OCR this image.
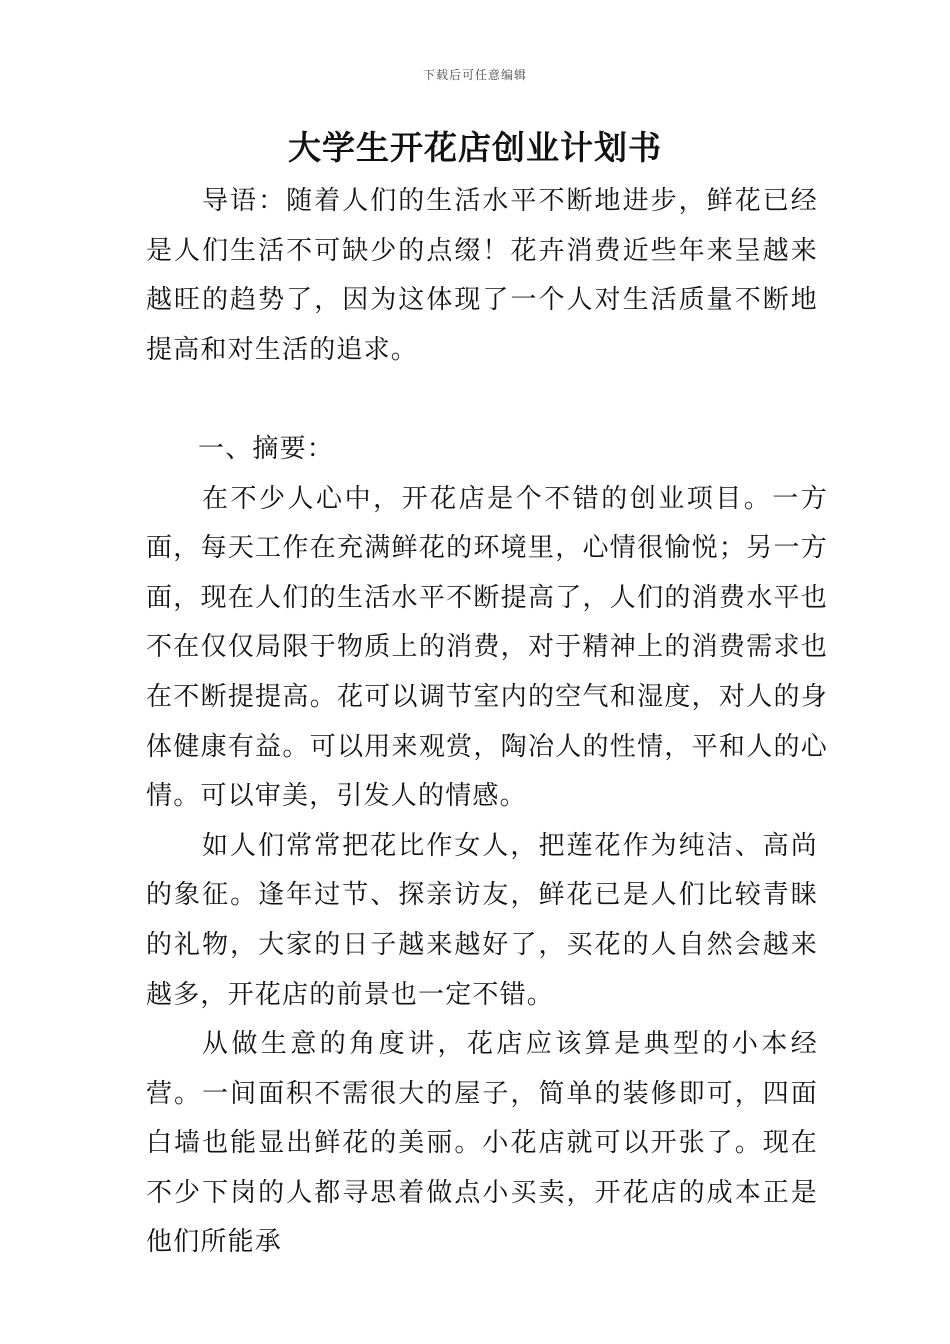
下载后可任意编辑
大学生开花店创业计划书

导语：随着人们的生活水平不断地进步，鲜花已经是人们生活不可缺少的点缀！花卉消费近些年来呈越来越旺的趋势了，因为这体现了一个人对生活质量不断地提高和对生活的追求。

一、摘要：

在不少人心中，开花店是个不错的创业项目。一方面，每天工作在充满鲜花的环境里，心情很愉悦；另一方面，现在人们的生活水平不断提高了，人们的消费水平也不在仅仅局限于物质上的消费，对于精神上的消费需求也在不断提提高。花可以调节室内的空气和湿度，对人的身体健康有益。可以用来观赏，陶冶人的性情，平和人的心情。可以审美，引发人的情感。

如人们常常把花比作女人，把莲花作为纯洁、高尚的象征。逢年过节、探亲访友，鲜花已是人们比较青睐的礼物，大家的日子越来越好了，买花的人自然会越来越多，开花店的前景也一定不错。

从做生意的角度讲，花店应该算是典型的小本经营。一间面积不需很大的屋子，简单的装修即可，四面白墙也能显出鲜花的美丽。小花店就可以开张了。现在不少下岗的人都寻思着做点小买卖，开花店的成本正是他们所能承
